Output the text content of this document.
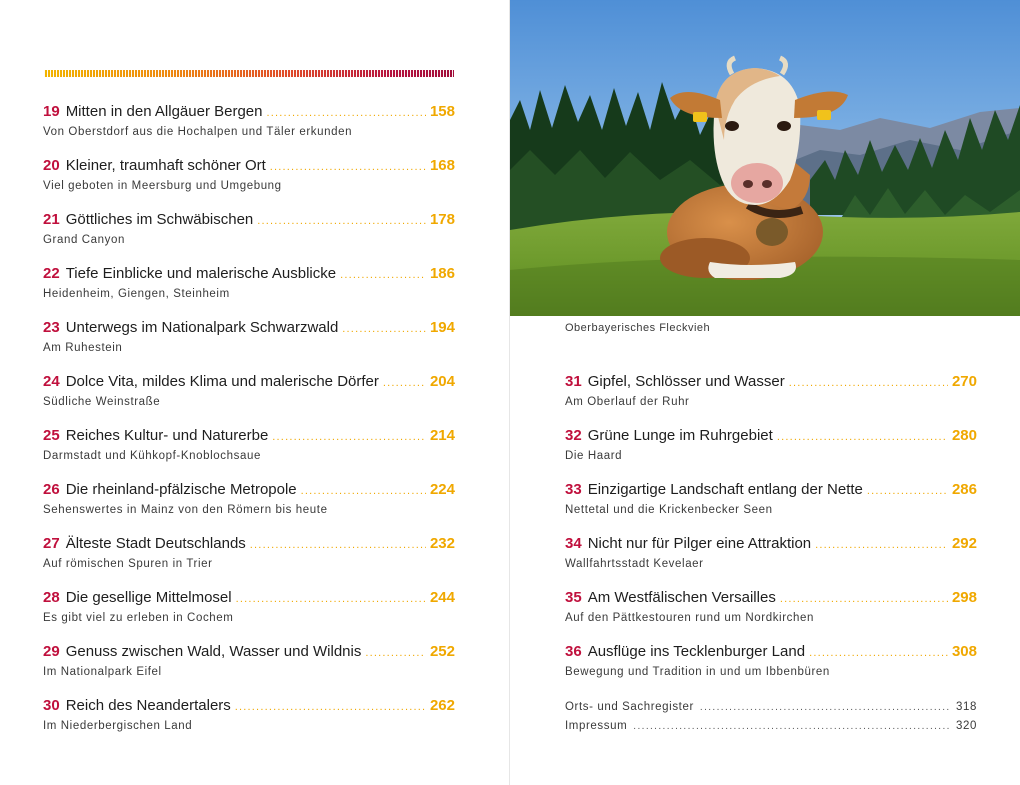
19 Mitten in den Allgäuer Bergen .....	158
Von Oberstdorf aus die Hochalpen und Täler erkunden
20 Kleiner, traumhaft schöner Ort .....	168
Viel geboten in Meersburg und Umgebung
21 Göttliches im Schwäbischen .....	178
Grand Canyon
22 Tiefe Einblicke und malerische Ausblicke .....	186
Heidenheim, Giengen, Steinheim
23 Unterwegs im Nationalpark Schwarzwald .....	194
Am Ruhestein
24 Dolce Vita, mildes Klima und malerische Dörfer .....	204
Südliche Weinstraße
25 Reiches Kultur- und Naturerbe .....	214
Darmstadt und Kühkopf-Knoblochsaue
26 Die rheinland-pfälzische Metropole .....	224
Sehenswertes in Mainz von den Römern bis heute
27 Älteste Stadt Deutschlands .....	232
Auf römischen Spuren in Trier
28 Die gesellige Mittelmosel .....	244
Es gibt viel zu erleben in Cochem
29 Genuss zwischen Wald, Wasser und Wildnis .....	252
Im Nationalpark Eifel
30 Reich des Neandertalers .....	262
Im Niederbergischen Land
Oberbayerisches Fleckvieh
31 Gipfel, Schlösser und Wasser .....	270
Am Oberlauf der Ruhr
32 Grüne Lunge im Ruhrgebiet .....	280
Die Haard
33 Einzigartige Landschaft entlang der Nette .....	286
Nettetal und die Krickenbecker Seen
34 Nicht nur für Pilger eine Attraktion .....	292
Wallfahrtsstadt Kevelaer
35 Am Westfälischen Versailles .....	298
Auf den Pättkestouren rund um Nordkirchen
36 Ausflüge ins Tecklenburger Land .....	308
Bewegung und Tradition in und um Ibbenbüren
Orts- und Sachregister .....	318
Impressum .....	320
